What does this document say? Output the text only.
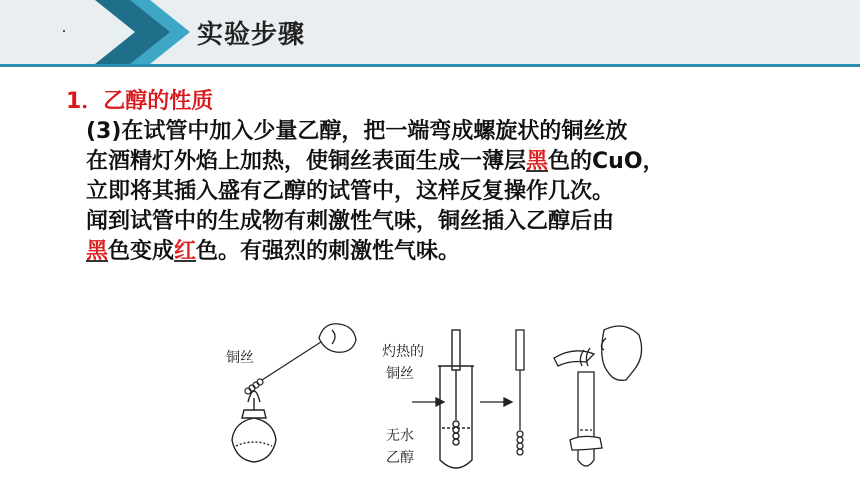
实验步骤
1．乙醇的性质
(3)在试管中加入少量乙醇，把一端弯成螺旋状的铜丝放
在酒精灯外焰上加热，使铜丝表面生成一薄层黑色的CuO，
立即将其插入盛有乙醇的试管中，这样反复操作几次。
闻到试管中的生成物有刺激性气味，铜丝插入乙醇后由
黑色变成红色。有强烈的刺激性气味。
铜丝	灼热的
铜丝
无水
乙醇
